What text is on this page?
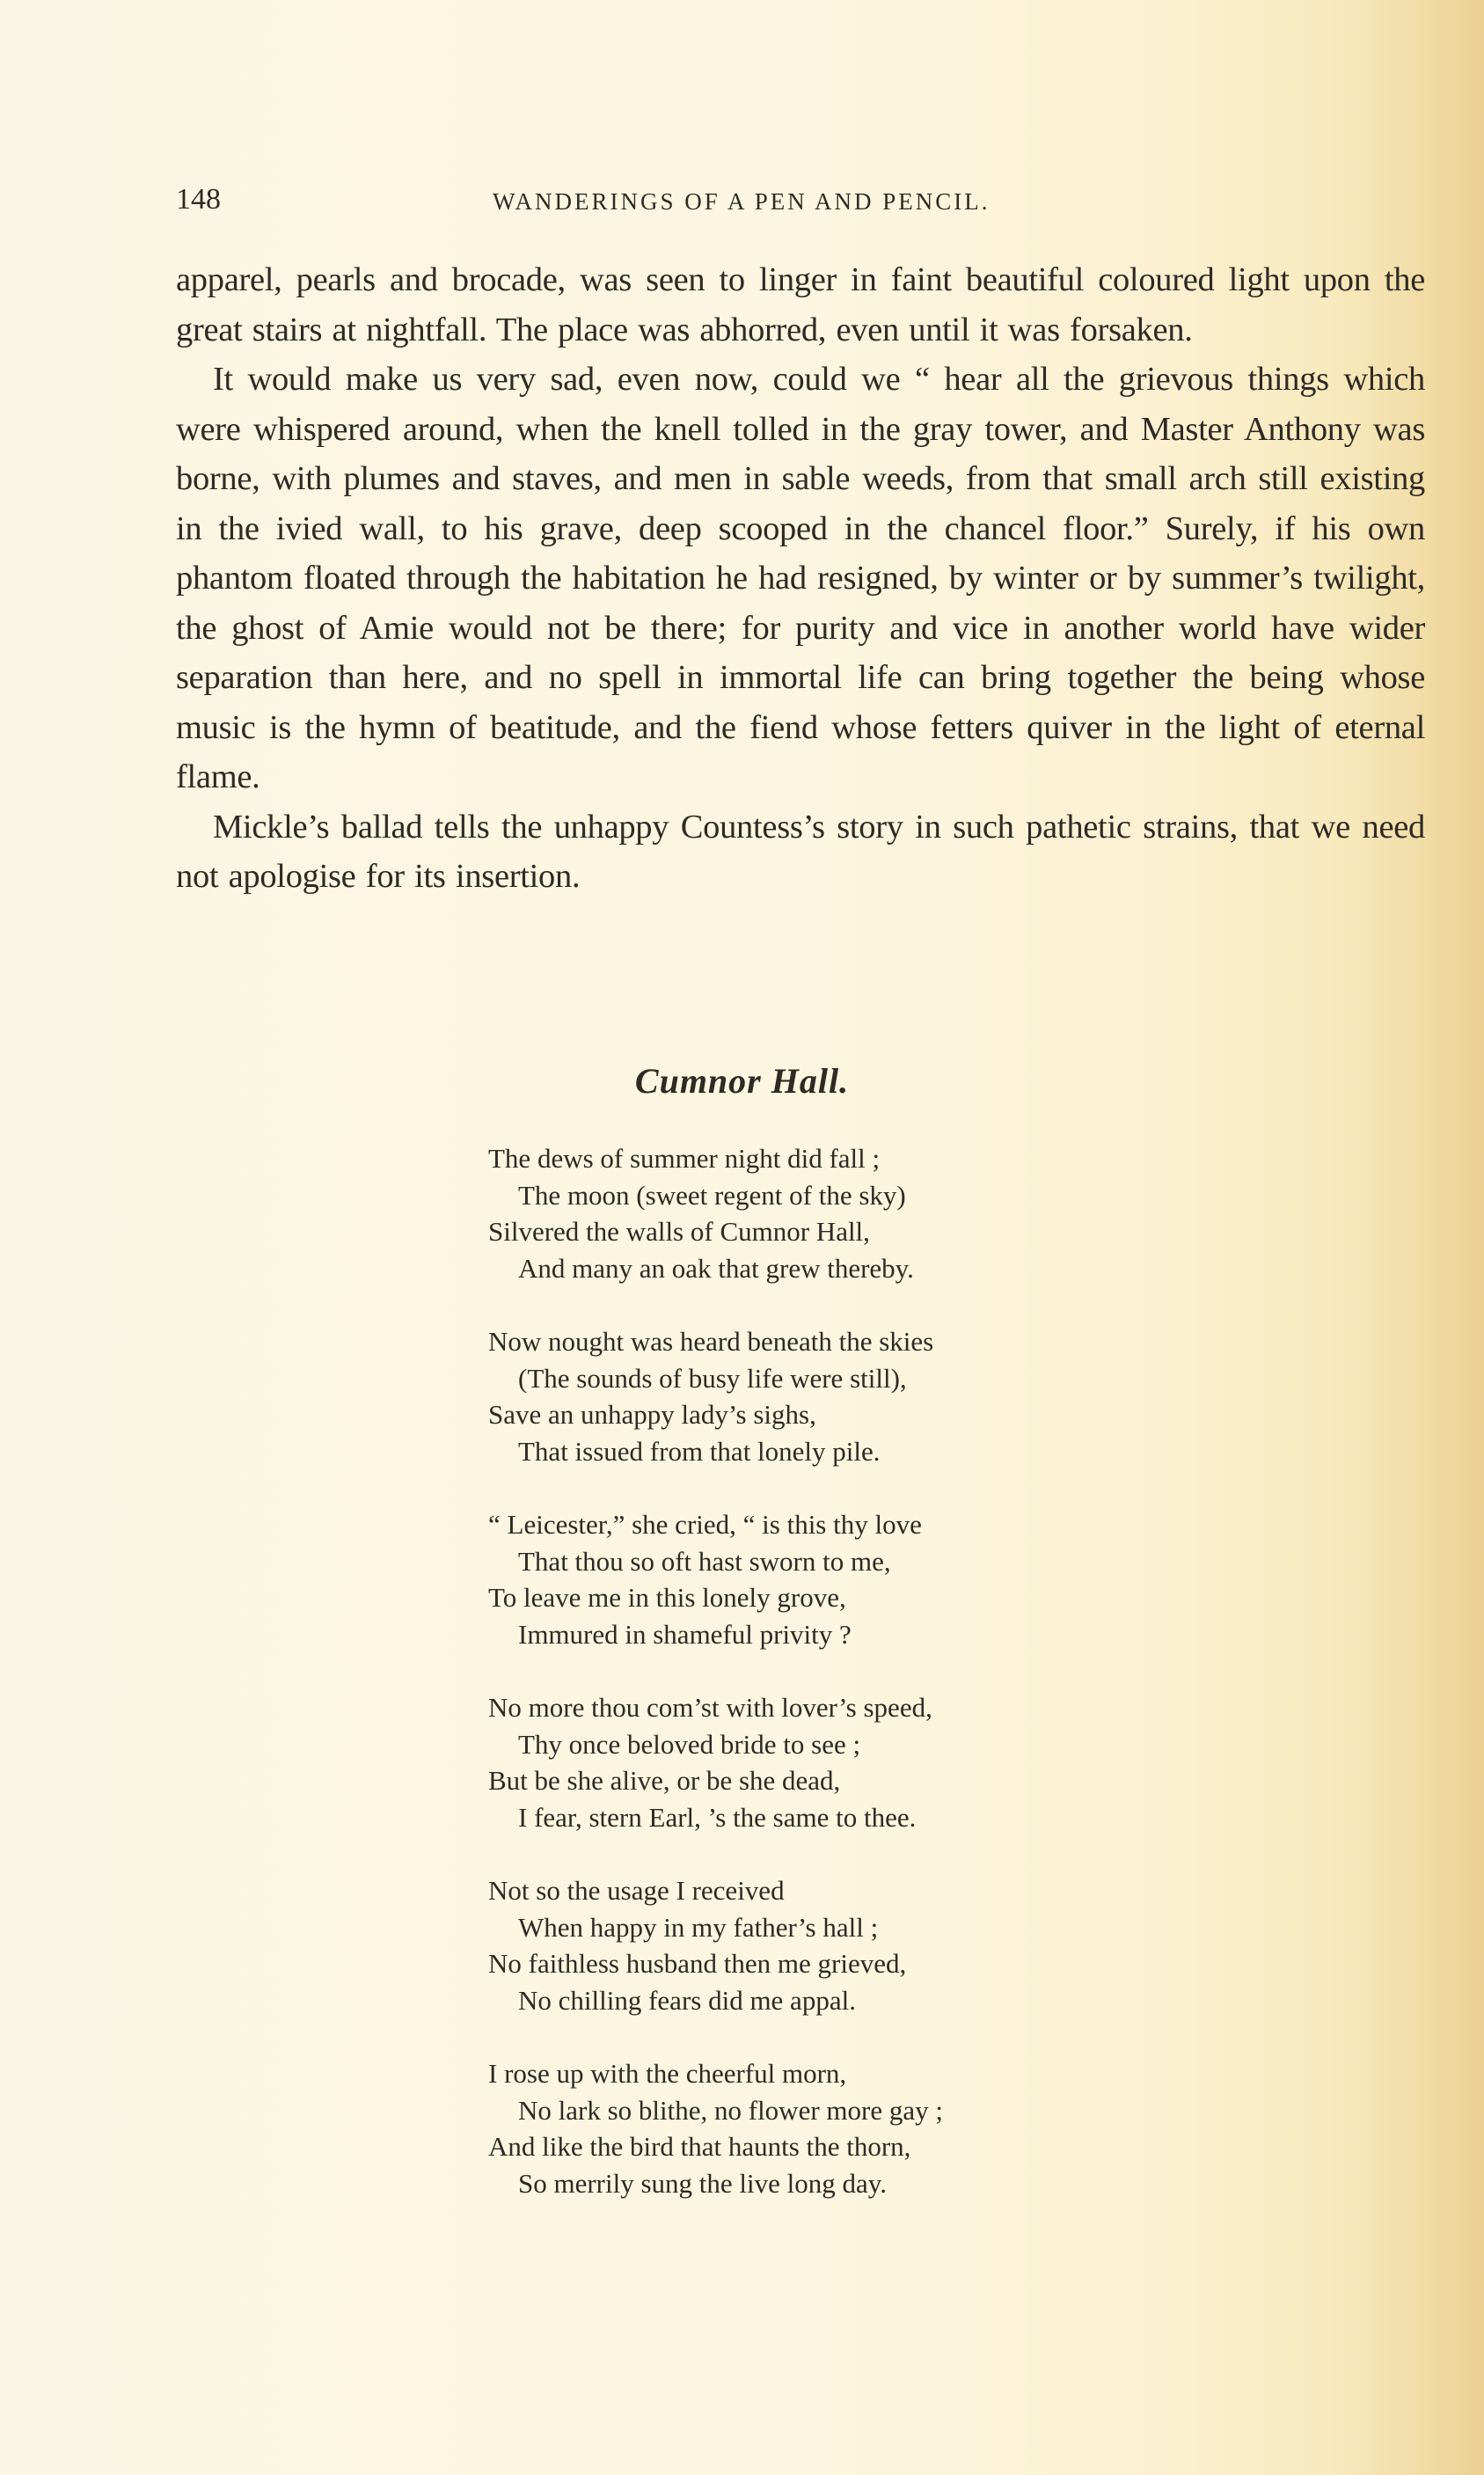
148	WANDERINGS OF A PEN AND PENCIL.

apparel, pearls and brocade, was seen to linger in faint beautiful coloured light upon the great stairs at nightfall. The place was abhorred, even until it was forsaken.

It would make us very sad, even now, could we “ hear all the grievous things which were whispered around, when the knell tolled in the gray tower, and Master Anthony was borne, with plumes and staves, and men in sable weeds, from that small arch still existing in the ivied wall, to his grave, deep scooped in the chancel floor.” Surely, if his own phantom floated through the habitation he had resigned, by winter or by summer’s twilight, the ghost of Amie would not be there; for purity and vice in another world have wider separation than here, and no spell in immortal life can bring together the being whose music is the hymn of beatitude, and the fiend whose fetters quiver in the light of eternal flame.

Mickle’s ballad tells the unhappy Countess’s story in such pathetic strains, that we need not apologise for its insertion.

Cumnor Hall.
The dews of summer night did fall ;
The moon (sweet regent of the sky)
Silvered the walls of Cumnor Hall,
And many an oak that grew thereby.
Now nought was heard beneath the skies
(The sounds of busy life were still),
Save an unhappy lady’s sighs,
That issued from that lonely pile.
“ Leicester,” she cried, “ is this thy love
That thou so oft hast sworn to me,
To leave me in this lonely grove,
Immured in shameful privity ?
No more thou com’st with lover’s speed,
Thy once beloved bride to see ;
But be she alive, or be she dead,
I fear, stern Earl, ’s the same to thee.
Not so the usage I received
When happy in my father’s hall ;
No faithless husband then me grieved,
No chilling fears did me appal.
I rose up with the cheerful morn,
No lark so blithe, no flower more gay ;
And like the bird that haunts the thorn,
So merrily sung the live long day.
